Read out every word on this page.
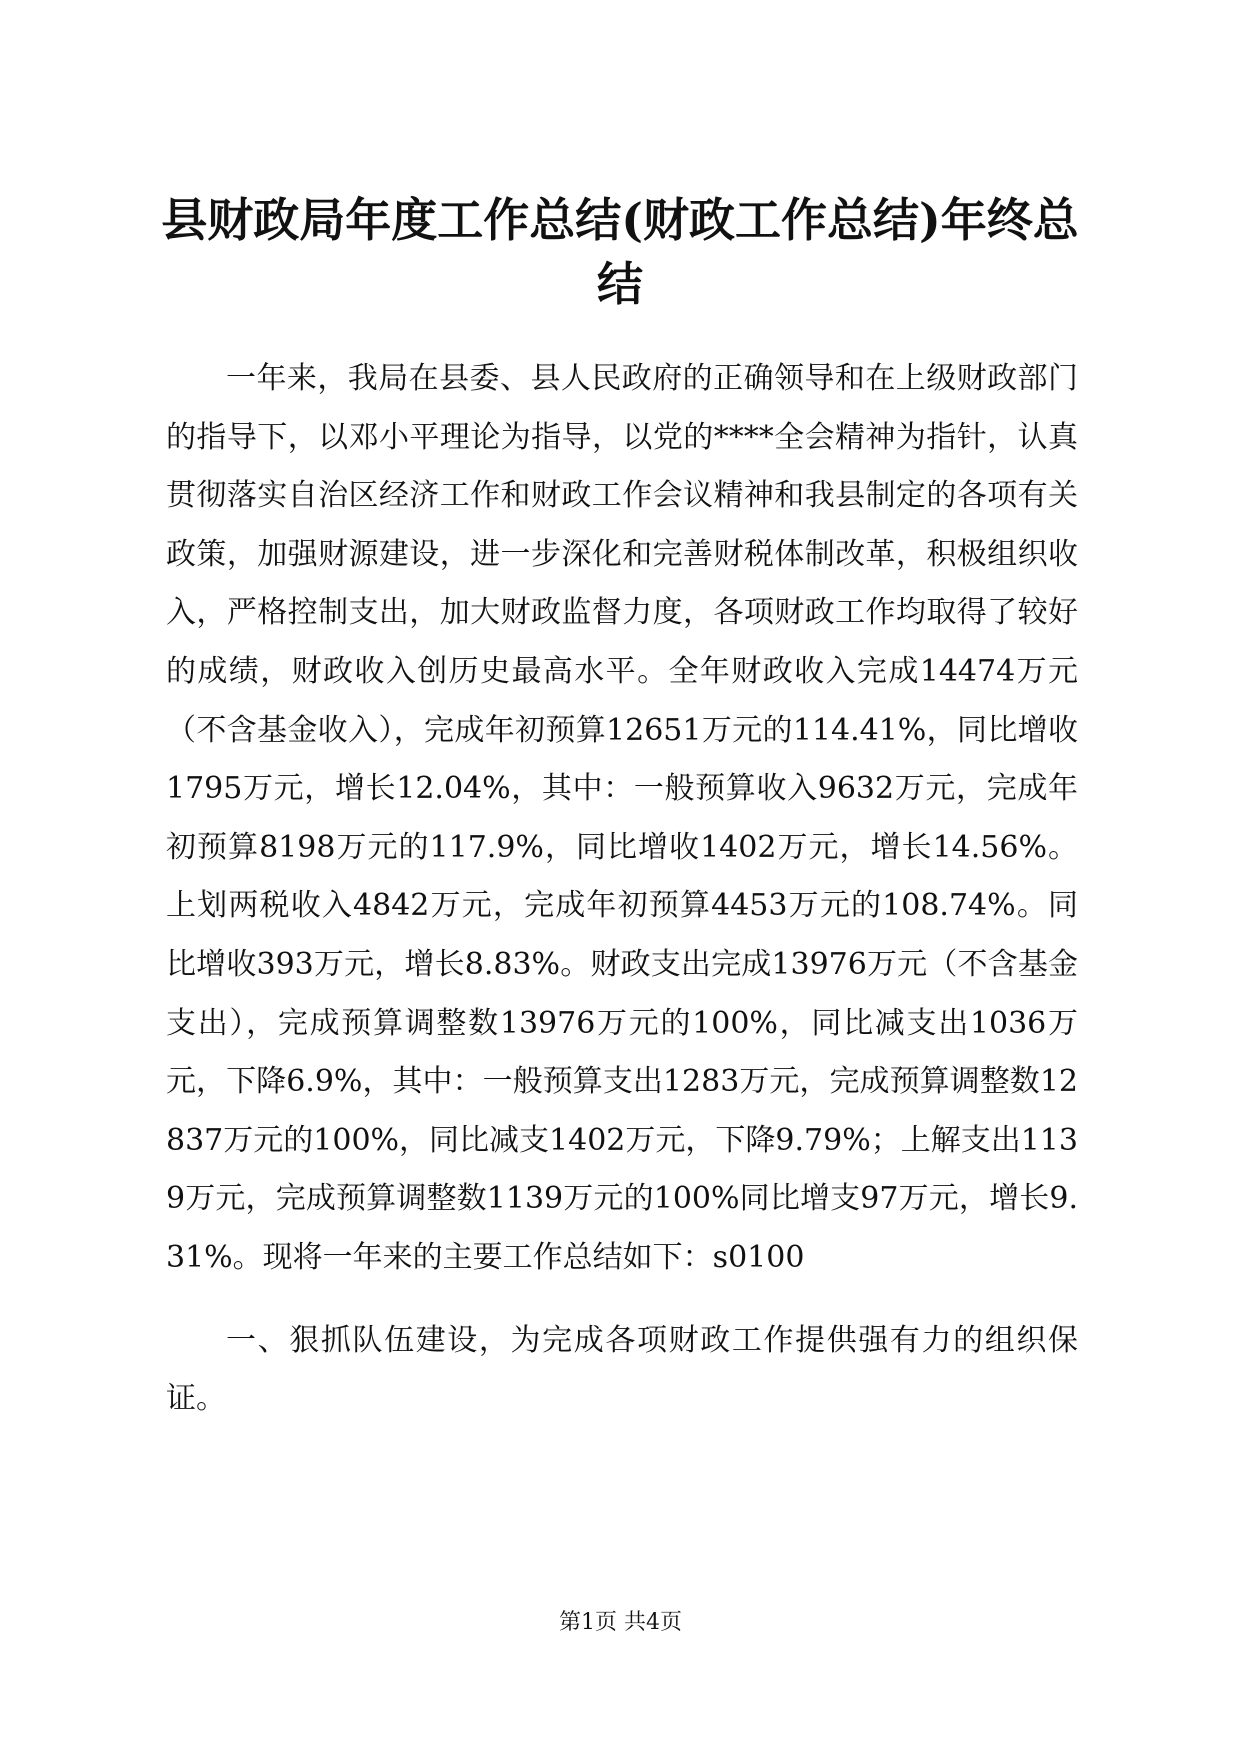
县财政局年度工作总结(财政工作总结)年终总结

一年来，我局在县委、县人民政府的正确领导和在上级财政部门的指导下，以邓小平理论为指导，以党的****全会精神为指针，认真贯彻落实自治区经济工作和财政工作会议精神和我县制定的各项有关政策，加强财源建设，进一步深化和完善财税体制改革，积极组织收入，严格控制支出，加大财政监督力度，各项财政工作均取得了较好的成绩，财政收入创历史最高水平。全年财政收入完成14474万元（不含基金收入），完成年初预算12651万元的114.41%，同比增收1795万元，增长12.04%，其中：一般预算收入9632万元，完成年初预算8198万元的117.9%，同比增收1402万元，增长14.56%。上划两税收入4842万元，完成年初预算4453万元的108.74%。同比增收393万元，增长8.83%。财政支出完成13976万元（不含基金支出），完成预算调整数13976万元的100%，同比减支出1036万元，下降6.9%，其中：一般预算支出1283万元，完成预算调整数12837万元的100%，同比减支1402万元，下降9.79%；上解支出1139万元，完成预算调整数1139万元的100%同比增支97万元，增长9.31%。现将一年来的主要工作总结如下：s0100

一、狠抓队伍建设，为完成各项财政工作提供强有力的组织保证。

第1页 共4页
